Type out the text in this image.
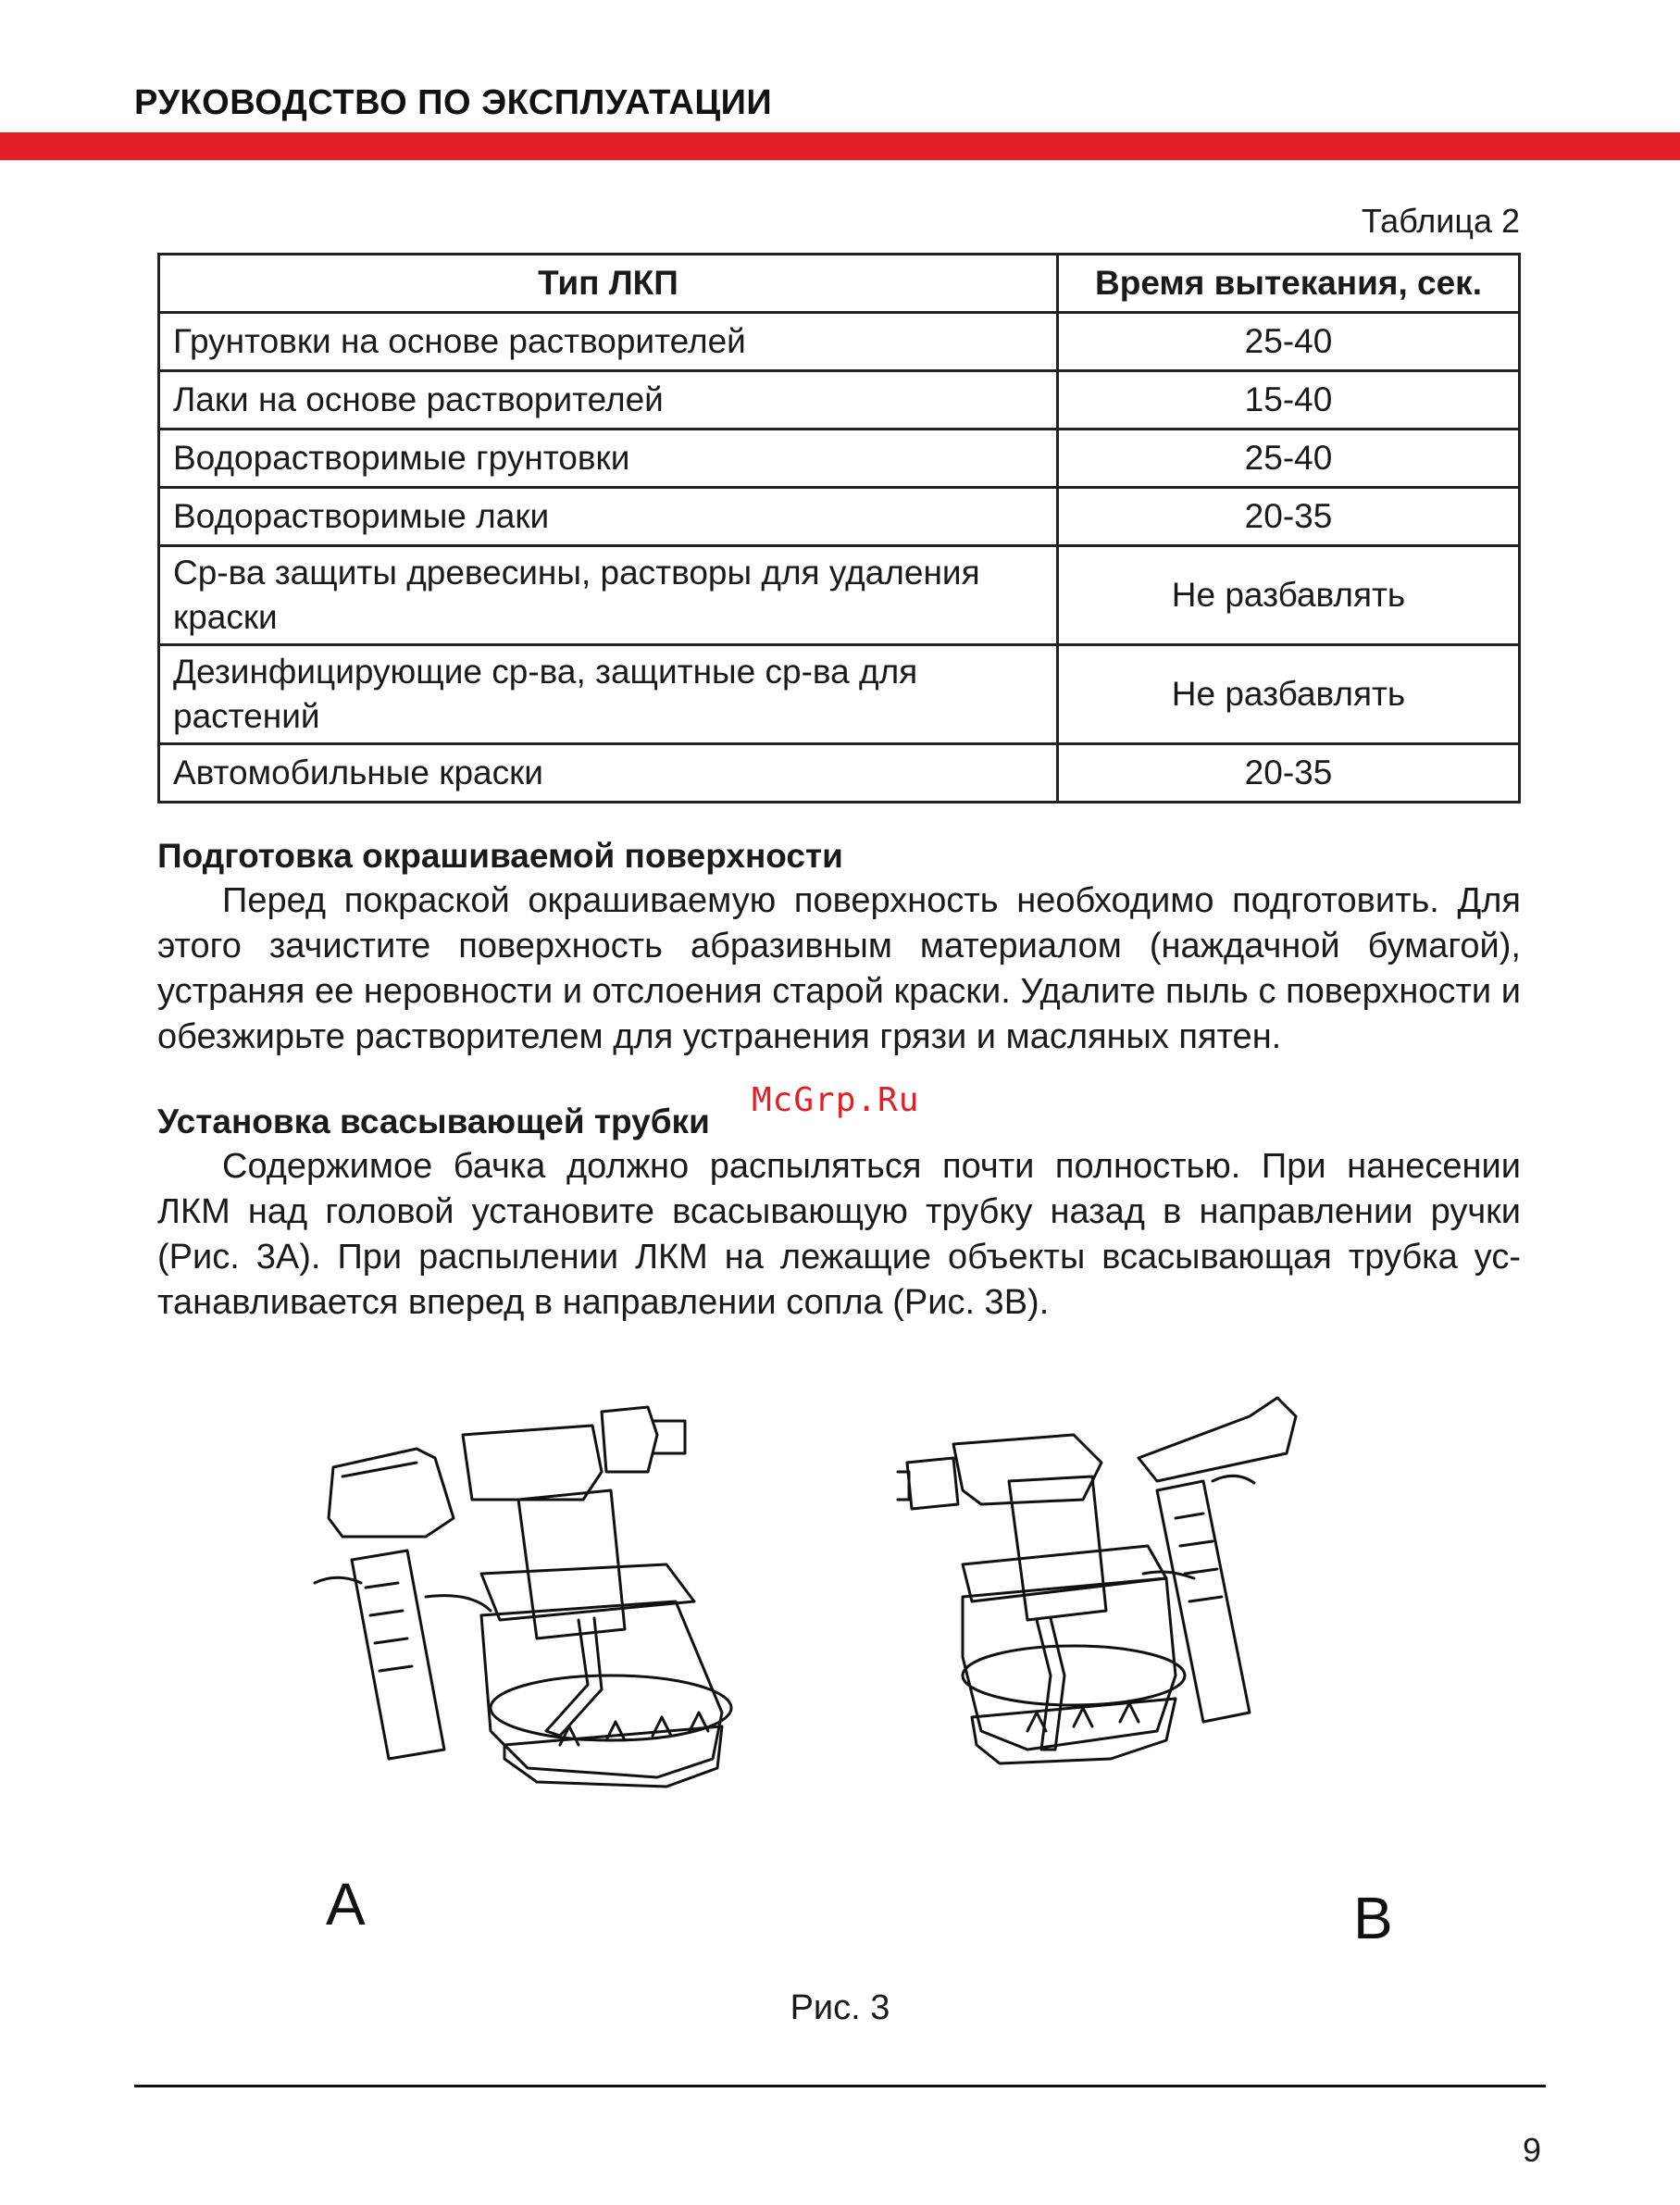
РУКОВОДСТВО ПО ЭКСПЛУАТАЦИИ
Таблица 2
Тип ЛКП	Время вытекания, сек.
Грунтовки на основе растворителей	25-40
Лаки на основе растворителей	15-40
Водорастворимые грунтовки	25-40
Водорастворимые лаки	20-35
Ср-ва защиты древесины, растворы для удаления краски	Не разбавлять
Дезинфицирующие ср-ва, защитные ср-ва для растений	Не разбавлять
Автомобильные краски	20-35
Подготовка окрашиваемой поверхности

Перед покраской окрашиваемую поверхность необходимо подготовить. Для этого зачистите поверхность абразивным материалом (наждачной бумагой), устраняя ее неровности и отслоения старой краски. Удалите пыль с поверхности и обезжирьте растворителем для устранения грязи и масляных пятен.

McGrp.Ru
Установка всасывающей трубки

Содержимое бачка должно распыляться почти полностью. При нанесении ЛКМ над головой установите всасывающую трубку назад в направлении ручки (Рис. 3А). При распылении ЛКМ на лежащие объекты всасывающая трубка устанавливается вперед в направлении сопла (Рис. 3В).

A	B
Рис. 3
9
